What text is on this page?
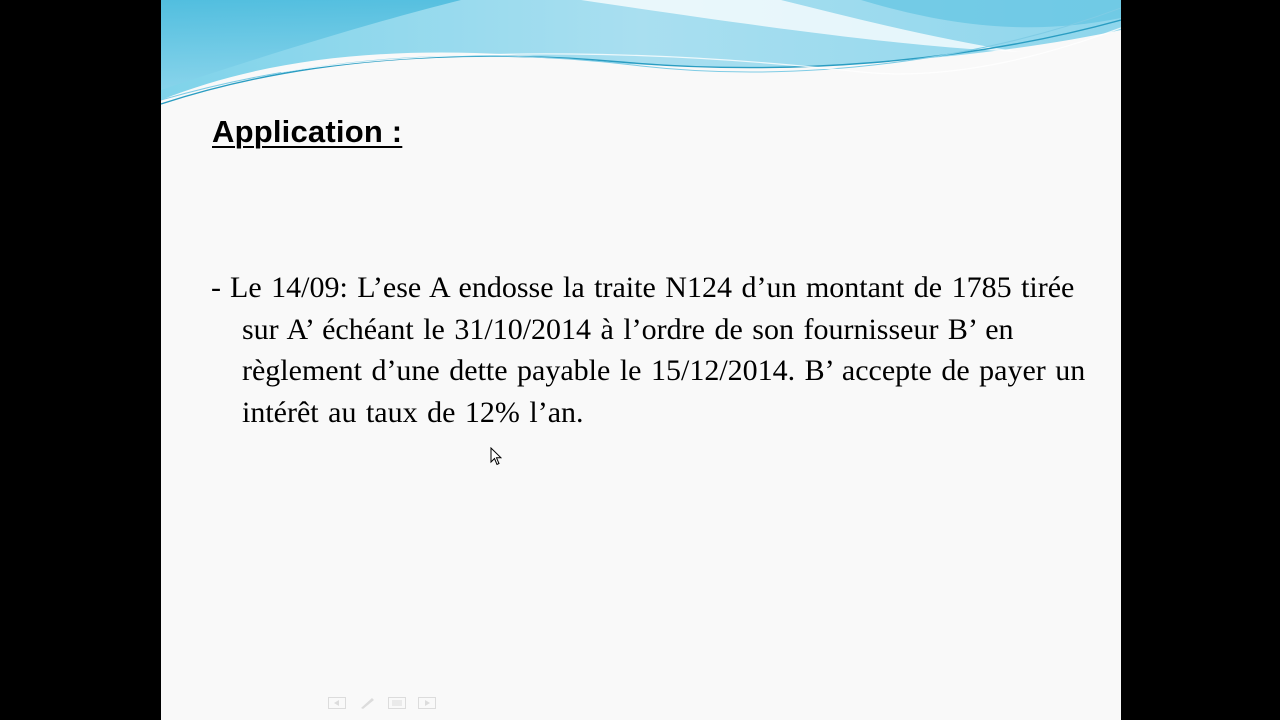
Application :

- Le 14/09: L’ese A endosse la traite N124 d’un montant de 1785 tirée sur A’ échéant le 31/10/2014 à l’ordre de son fournisseur B’ en règlement d’une dette payable le 15/12/2014. B’ accepte de payer un intérêt au taux de 12% l’an.
